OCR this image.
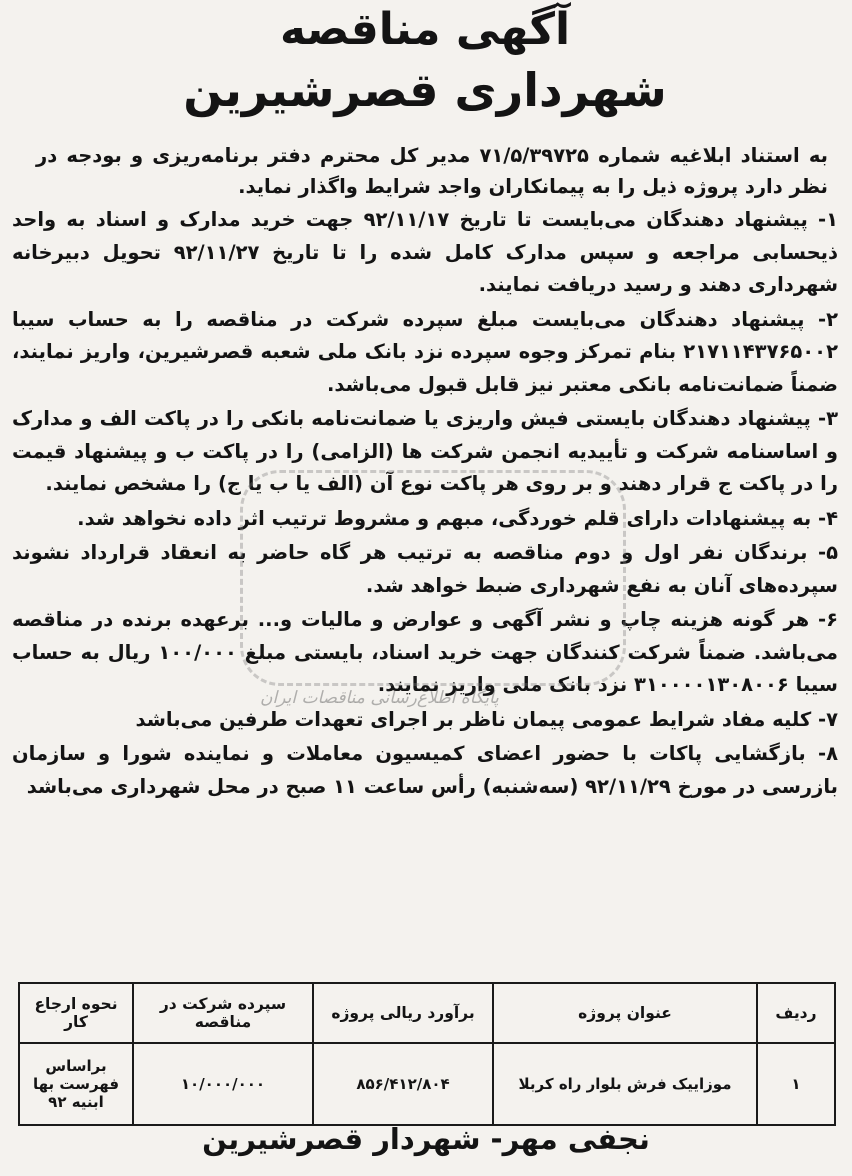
آگهی مناقصه
شهرداری قصرشیرین

به استناد ابلاغیه شماره ۷۱/۵/۳۹۷۲۵ مدیر کل محترم دفتر برنامه‌ریزی و بودجه در نظر دارد پروژه ذیل را به پیمانکاران واجد شرایط واگذار نماید.

۱- پیشنهاد دهندگان می‌بایست تا تاریخ ۹۲/۱۱/۱۷ جهت خرید مدارک و اسناد به واحد ذیحسابی مراجعه و سپس مدارک کامل شده را تا تاریخ ۹۲/۱۱/۲۷ تحویل دبیرخانه شهرداری دهند و رسید دریافت نمایند.

۲- پیشنهاد دهندگان می‌بایست مبلغ سپرده شرکت در مناقصه را به حساب سیبا ۲۱۷۱۱۴۳۷۶۵۰۰۲ بنام تمرکز وجوه سپرده نزد بانک ملی شعبه قصرشیرین، واریز نمایند، ضمناً ضمانت‌نامه بانکی معتبر نیز قابل قبول می‌باشد.

۳- پیشنهاد دهندگان بایستی فیش واریزی یا ضمانت‌نامه بانکی را در پاکت الف و مدارک و اساسنامه شرکت و تأییدیه انجمن شرکت ها (الزامی) را در پاکت ب و پیشنهاد قیمت را در پاکت ج قرار دهند و بر روی هر پاکت نوع آن (الف یا ب یا ج) را مشخص نمایند.

۴- به پیشنهادات دارای قلم خوردگی، مبهم و مشروط ترتیب اثر داده نخواهد شد.

۵- برندگان نفر اول و دوم مناقصه به ترتیب هر گاه حاضر به انعقاد قرارداد نشوند سپرده‌های آنان به نفع شهرداری ضبط خواهد شد.

۶- هر گونه هزینه چاپ و نشر آگهی و عوارض و مالیات و... برعهده برنده در مناقصه می‌باشد. ضمناً شرکت کنندگان جهت خرید اسناد، بایستی مبلغ ۱۰۰/۰۰۰ ریال به حساب سیبا ۳۱۰۰۰۰۱۳۰۸۰۰۶ نزد بانک ملی واریز نمایند.

۷- کلیه مفاد شرایط عمومی پیمان ناظر بر اجرای تعهدات طرفین می‌باشد

۸- بازگشایی پاکات با حضور اعضای کمیسیون معاملات و نماینده شورا و سازمان بازرسی در مورخ ۹۲/۱۱/۲۹ (سه‌شنبه) رأس ساعت ۱۱ صبح در محل شهرداری می‌باشد

پایگاه اطلاع‌رسانی مناقصات ایران
ردیف	عنوان پروژه	برآورد ریالی پروژه	سپرده شرکت در مناقصه	نحوه ارجاع کار
۱	موزاییک فرش بلوار راه کربلا	۸۵۶/۴۱۲/۸۰۴	۱۰/۰۰۰/۰۰۰	براساس فهرست بها ابنیه ۹۲
نجفی مهر- شهردار قصرشیرین
